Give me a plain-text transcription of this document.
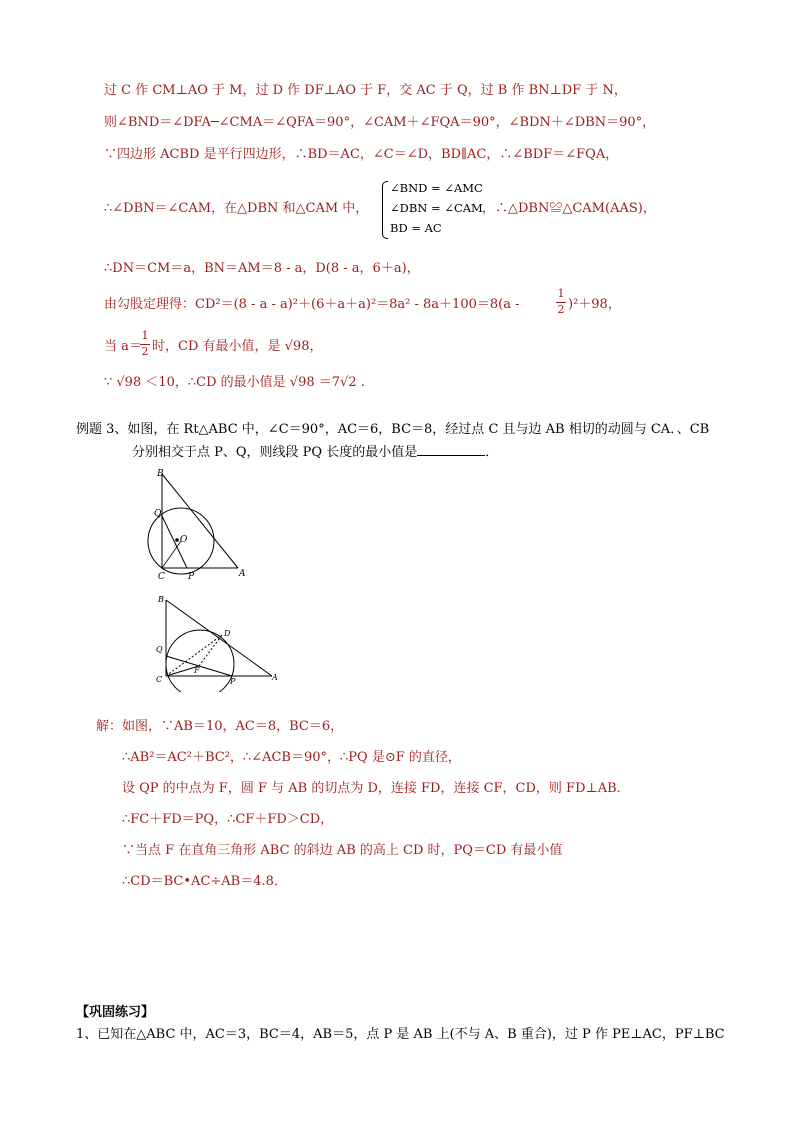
过 C 作 CM⊥AO 于 M，过 D 作 DF⊥AO 于 F，交 AC 于 Q，过 B 作 BN⊥DF 于 N，
则∠BND＝∠DFA─∠CMA＝∠QFA＝90°，∠CAM＋∠FQA＝90°，∠BDN＋∠DBN＝90°，
∵四边形 ACBD 是平行四边形，∴BD＝AC，∠C＝∠D，BD∥AC，∴∠BDF＝∠FQA，
∴∠DBN＝∠CAM，在△DBN 和△CAM 中，
∠BND = ∠AMC
∠DBN = ∠CAM
BD = AC
，∴△DBN≌△CAM(AAS)，
∴DN＝CM＝a，BN＝AM＝8 - a，D(8 - a，6＋a)，
由勾股定理得：CD²＝(8 - a - a)²＋(6＋a＋a)²＝8a² - 8a＋100＝8(a -
1
2 )²＋98，
当 a＝
1
2 时，CD 有最小值，是 √98，
∵ √98 ＜10，∴CD 的最小值是 √98 ＝7√2 .
例题 3、如图，在 Rt△ABC 中，∠C＝90°，AC＝6，BC＝8，经过点 C 且与边 AB 相切的动圆与 CA．、CB
分别相交于点 P、Q，则线段 PQ 长度的最小值是	．
B
Q
O
C	P	A
B
D
Q
F
C	P	A
解：如图，∵AB＝10，AC＝8，BC＝6，
∴AB²＝AC²＋BC²，∴∠ACB＝90°，∴PQ 是⊙F 的直径，
设 QP 的中点为 F，圆 F 与 AB 的切点为 D，连接 FD，连接 CF，CD，则 FD⊥AB．
∴FC＋FD＝PQ，∴CF＋FD＞CD，
∵当点 F 在直角三角形 ABC 的斜边 AB 的高上 CD 时，PQ＝CD 有最小值
∴CD＝BC•AC÷AB＝4.8．
【巩固练习】
1、已知在△ABC 中，AC＝3，BC＝4，AB＝5，点 P 是 AB 上(不与 A、B 重合)，过 P 作 PE⊥AC，PF⊥BC
